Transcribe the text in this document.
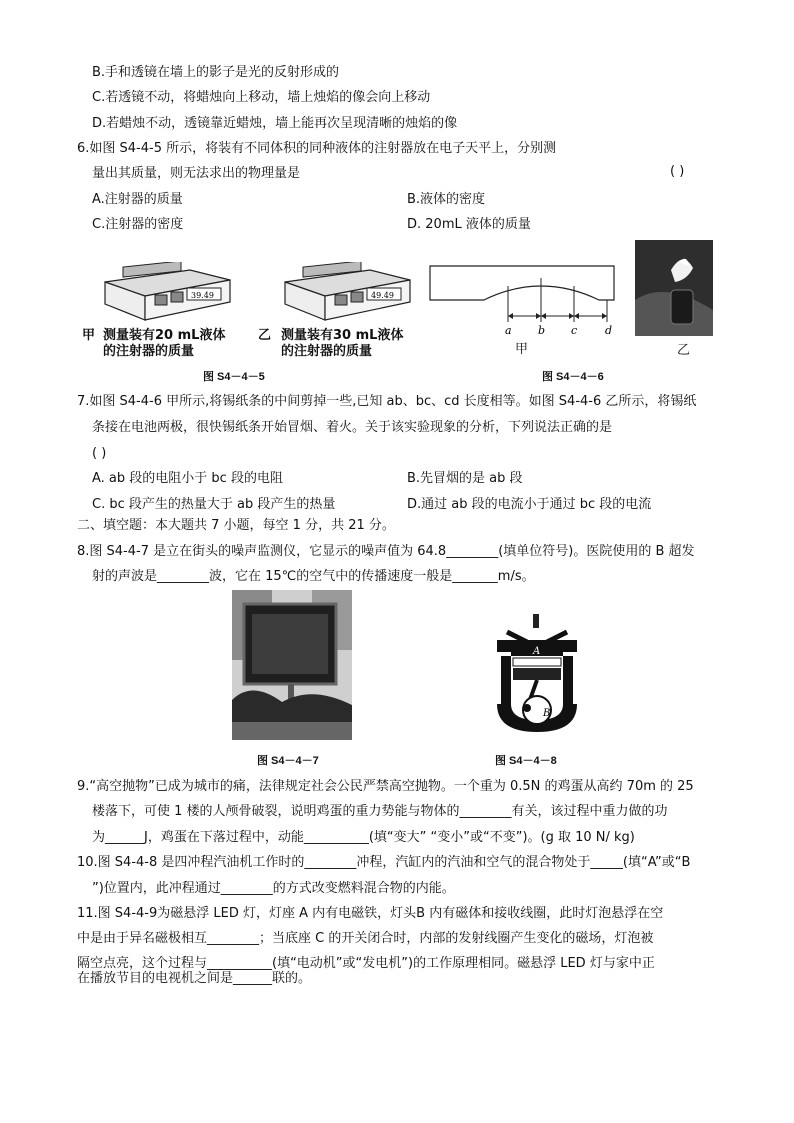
B.手和透镜在墙上的影子是光的反射形成的
C.若透镜不动，将蜡烛向上移动，墙上烛焰的像会向上移动
D.若蜡烛不动，透镜靠近蜡烛，墙上能再次呈现清晰的烛焰的像
6.如图 S4-4-5 所示，将装有不同体积的同种液体的注射器放在电子天平上，分别测
量出其质量，则无法求出的物理量是	( )
A.注射器的质量	B.液体的密度
C.注射器的密度	D. 20mL 液体的质量
39.49
甲 测量装有20 mL液体
的注射器的质量
49.49
乙 测量装有30 mL液体
的注射器的质量
图 S4－4－5
a b c	d
甲	乙
图 S4－4－6
7.如图 S4-4-6 甲所示,将锡纸条的中间剪掉一些,已知 ab、bc、cd 长度相等。如图 S4-4-6 乙所示，将锡纸
条接在电池两极，很快锡纸条开始冒烟、着火。关于该实验现象的分析，下列说法正确的是
( )
A. ab 段的电阻小于 bc 段的电阻	B.先冒烟的是 ab 段
C. bc 段产生的热量大于 ab 段产生的热量	D.通过 ab 段的电流小于通过 bc 段的电流
二、填空题：本大题共 7 小题，每空 1 分，共 21 分。
8.图 S4-4-7 是立在街头的噪声监测仪，它显示的噪声值为 64.8________(填单位符号)。医院使用的 B 超发
射的声波是________波，它在 15℃的空气中的传播速度一般是_______m/s。
图 S4－4－7
A
B
图 S4－4－8
9.“高空抛物”已成为城市的痛，法律规定社会公民严禁高空抛物。一个重为 0.5N 的鸡蛋从高约 70m 的 25
楼落下，可使 1 楼的人颅骨破裂，说明鸡蛋的重力势能与物体的________有关，该过程中重力做的功
为______J，鸡蛋在下落过程中，动能__________(填“变大” “变小”或“不变”)。(g 取 10 N/ kg)
10.图 S4-4-8 是四冲程汽油机工作时的________冲程，汽缸内的汽油和空气的混合物处于_____(填“A”或“B
”)位置内，此冲程通过________的方式改变燃料混合物的内能。
11.图 S4-4-9为磁悬浮 LED 灯，灯座 A 内有电磁铁，灯头B 内有磁体和接收线圈，此时灯泡悬浮在空
中是由于异名磁极相互________；当底座 C 的开关闭合时，内部的发射线圈产生变化的磁场，灯泡被
隔空点亮，这个过程与__________(填“电动机”或“发电机”)的工作原理相同。磁悬浮 LED 灯与家中正
在播放节目的电视机之间是______联的。
